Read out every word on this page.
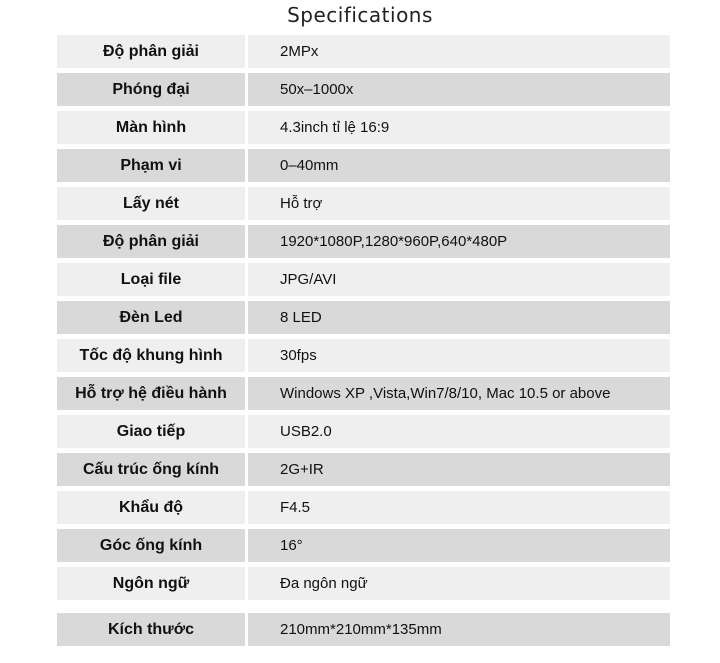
Specifications
Độ phân giải	2MPx
Phóng đại	50x–1000x
Màn hình	4.3inch tỉ lệ 16:9
Phạm vi	0–40mm
Lấy nét	Hỗ trợ
Độ phân giải	1920*1080P,1280*960P,640*480P
Loại file	JPG/AVI
Đèn Led	8 LED
Tốc độ khung hình	30fps
Hỗ trợ hệ điều hành	Windows XP ,Vista,Win7/8/10, Mac 10.5 or above
Giao tiếp	USB2.0
Cấu trúc ống kính	2G+IR
Khẩu độ	F4.5
Góc ống kính	16°
Ngôn ngữ	Đa ngôn ngữ
Kích thước	210mm*210mm*135mm
